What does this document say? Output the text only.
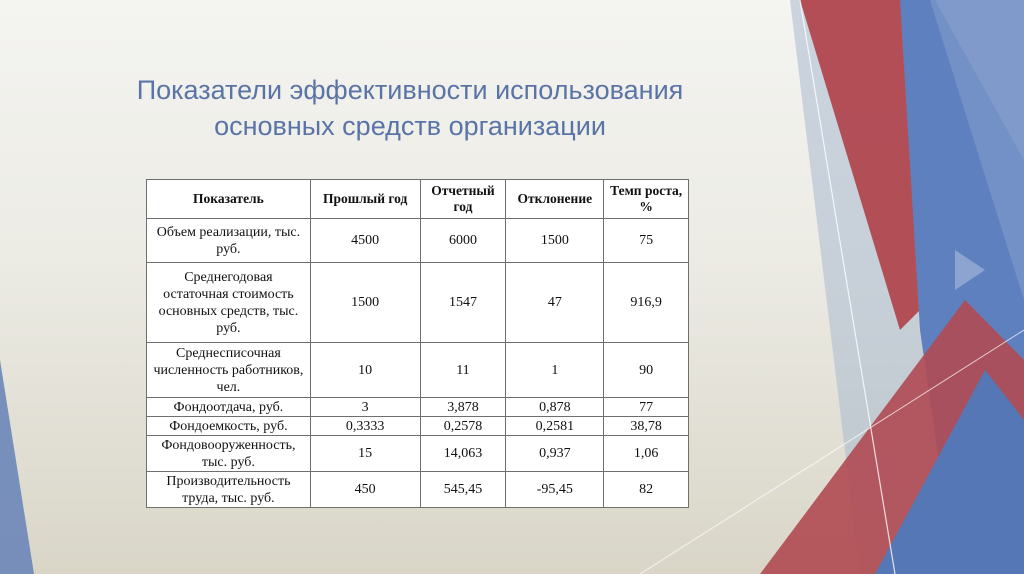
Показатели эффективности использования
основных средств организации
Показатель	Прошлый год	Отчетный год	Отклонение	Темп роста, %
Объем реализации, тыс. руб.	4500	6000	1500	75
Среднегодовая остаточная стоимость основных средств, тыс. руб.	1500	1547	47	916,9
Среднесписочная численность работников, чел.	10	11	1	90
Фондоотдача, руб.	3	3,878	0,878	77
Фондоемкость, руб.	0,3333	0,2578	0,2581	38,78
Фондовооруженность, тыс. руб.	15	14,063	0,937	1,06
Производительность труда, тыс. руб.	450	545,45	-95,45	82
